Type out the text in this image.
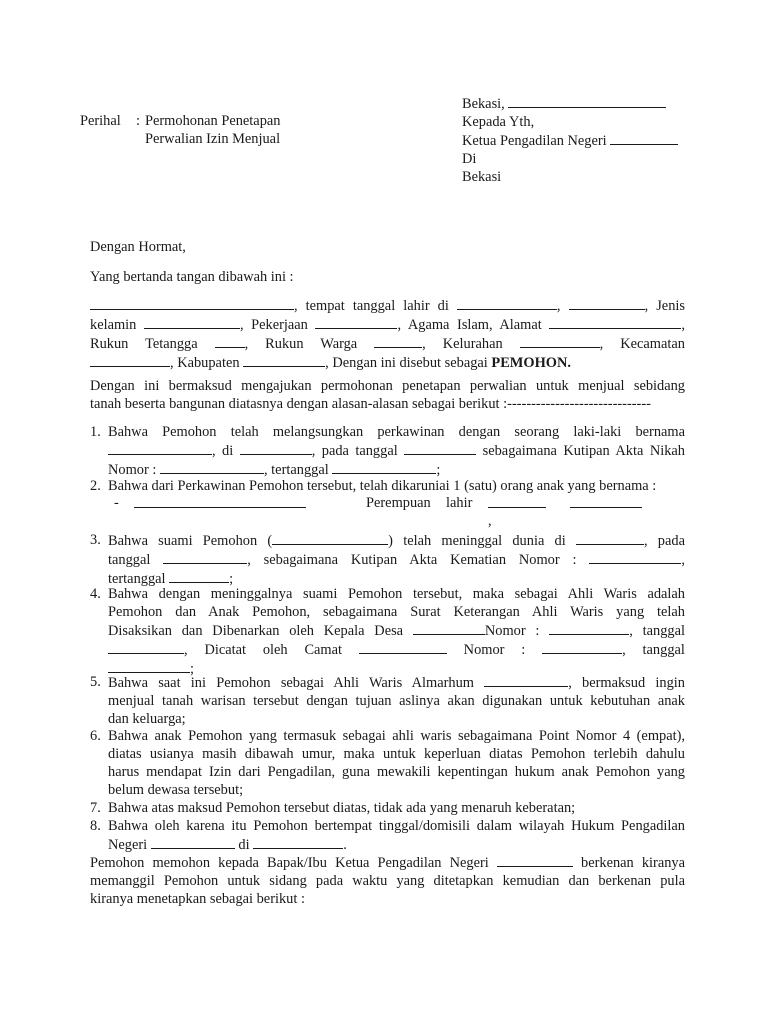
Perihal : Permohonan Penetapan
Perwalian Izin Menjual
Bekasi,
Kepada Yth,
Ketua Pengadilan Negeri
Di
Bekasi
Dengan Hormat,
Yang bertanda tangan dibawah ini :
, tempat tanggal lahir di	,	, Jenis
kelamin	, Pekerjaan	, Agama Islam, Alamat	,
Rukun Tetangga	, Rukun Warga	, Kelurahan	, Kecamatan
, Kabupaten	, Dengan ini disebut sebagai PEMOHON.
Dengan ini bermaksud mengajukan permohonan penetapan perwalian untuk menjual sebidang
tanah beserta bangunan diatasnya dengan alasan-alasan sebagai berikut :------------------------------
1. Bahwa Pemohon telah melangsungkan perkawinan dengan seorang laki-laki bernama
, di	, pada tanggal	sebagaimana Kutipan Akta Nikah
Nomor :	, tertanggal	;
2. Bahwa dari Perkawinan Pemohon tersebut, telah dikaruniai 1 (satu) orang anak yang bernama :
-	Perempuan lahir
,
3. Bahwa suami Pemohon (	) telah meninggal dunia di	, pada
tanggal	, sebagaimana Kutipan Akta Kematian Nomor :	,
tertanggal	;
4. Bahwa dengan meninggalnya suami Pemohon tersebut, maka sebagai Ahli Waris adalah
Pemohon dan Anak Pemohon, sebagaimana Surat Keterangan Ahli Waris yang telah
Disaksikan dan Dibenarkan oleh Kepala Desa	Nomor :	, tanggal
, Dicatat oleh Camat	Nomor :	, tanggal
;
5. Bahwa saat ini Pemohon sebagai Ahli Waris Almarhum	, bermaksud ingin
menjual tanah warisan tersebut dengan tujuan aslinya akan digunakan untuk kebutuhan anak
dan keluarga;
6. Bahwa anak Pemohon yang termasuk sebagai ahli waris sebagaimana Point Nomor 4 (empat),
diatas usianya masih dibawah umur, maka untuk keperluan diatas Pemohon terlebih dahulu
harus mendapat Izin dari Pengadilan, guna mewakili kepentingan hukum anak Pemohon yang
belum dewasa tersebut;
7. Bahwa atas maksud Pemohon tersebut diatas, tidak ada yang menaruh keberatan;
8. Bahwa oleh karena itu Pemohon bertempat tinggal/domisili dalam wilayah Hukum Pengadilan
Negeri	di	.
Pemohon memohon kepada Bapak/Ibu Ketua Pengadilan Negeri	berkenan kiranya
memanggil Pemohon untuk sidang pada waktu yang ditetapkan kemudian dan berkenan pula
kiranya menetapkan sebagai berikut :
